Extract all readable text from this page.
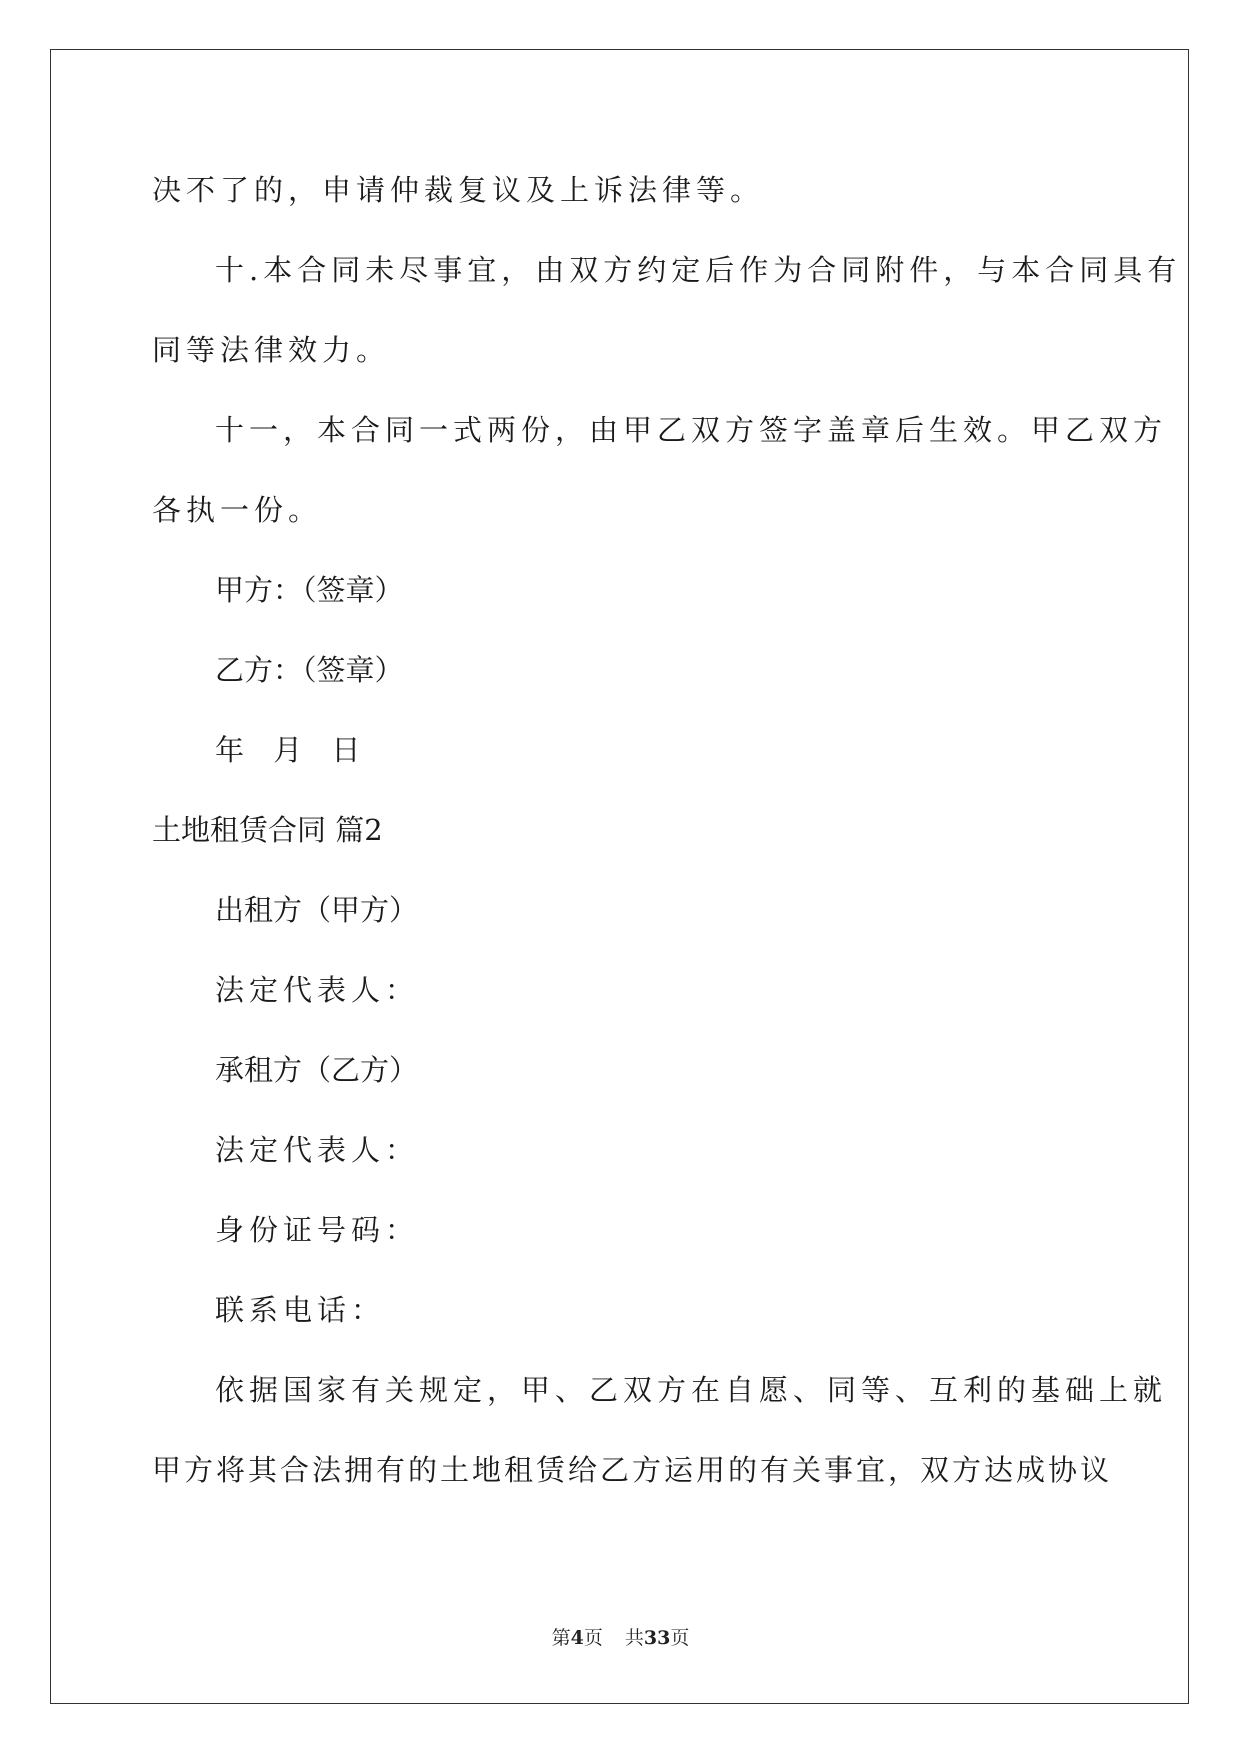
决不了的，申请仲裁复议及上诉法律等。
十.本合同未尽事宜，由双方约定后作为合同附件，与本合同具有
同等法律效力。
十一，本合同一式两份，由甲乙双方签字盖章后生效。甲乙双方
各执一份。
甲方：（签章）
乙方：（签章）
年 月 日
土地租赁合同 篇2
出租方（甲方）
法定代表人：
承租方（乙方）
法定代表人：
身份证号码：
联系电话：
依据国家有关规定，甲、乙双方在自愿、同等、互利的基础上就
甲方将其合法拥有的土地租赁给乙方运用的有关事宜，双方达成协议
第4页 共33页
